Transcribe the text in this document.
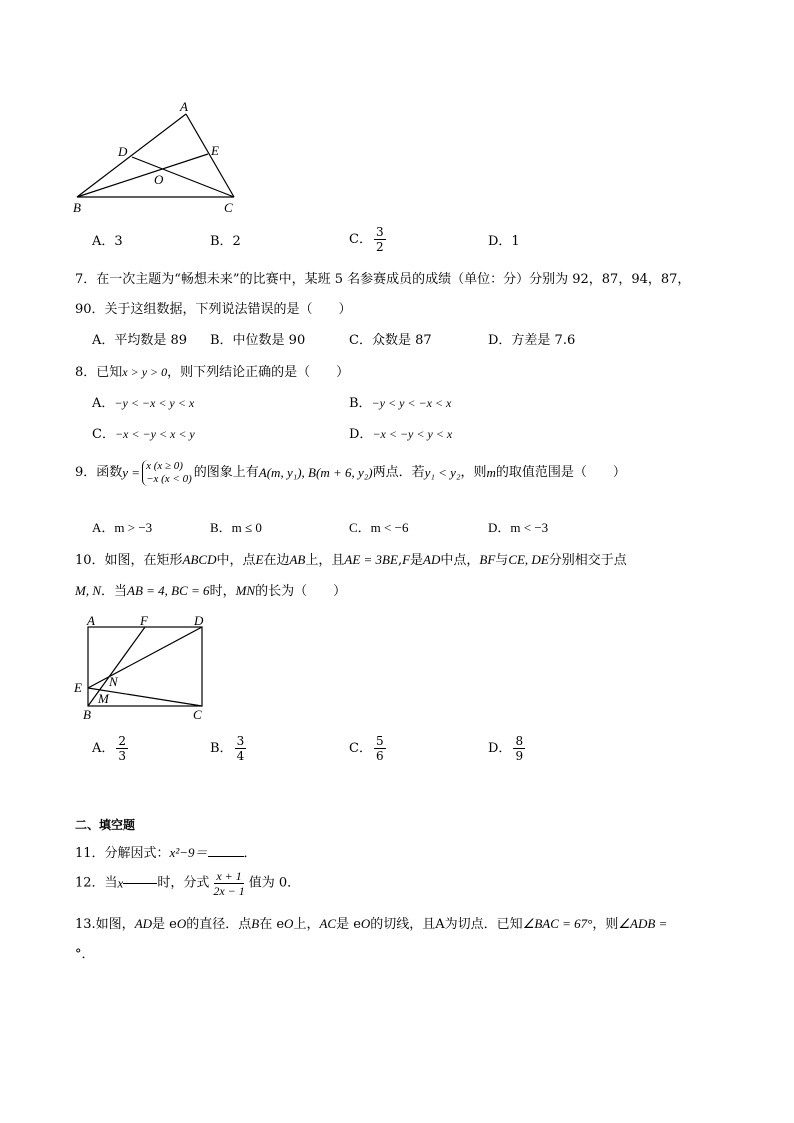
A
D	E
O
B	C
A．3	B．2	C． $\frac{3}{2}$	D．1
7．在一次主题为“畅想未来”的比赛中，某班 5 名参赛成员的成绩（单位：分）分别为 92，87，94，87，
90．关于这组数据，下列说法错误的是（　　）
A．平均数是 89 B．中位数是 90	C．众数是 87	D．方差是 7.6
8．已知x > y > 0，则下列结论正确的是（　　）
A．−y < −x < y < x	B．−y < y < −x < x
C．−x < −y < x < y	D．−x < −y < y < x
9．函数y = x (x ≥ 0)
−x (x < 0) 的图象上有A(m, y₁), B(m + 6, y₂)两点．若y₁ < y₂，则m的取值范围是（　　）
A．m > −3	B．m ≤ 0	C．m < −6	D．m < −3
10．如图，在矩形ABCD中，点E在边AB上，且AE = 3BE,F是AD中点，BF与CE, DE分别相交于点
M, N．当AB = 4, BC = 6时，MN的长为（　　）
A	F	D
E N
M
B	C
A． $\frac{2}{3}$	B． $\frac{3}{4}$	C． $\frac{5}{6}$	D． $\frac{8}{9}$
二、填空题
11．分解因式：x²−9＝	．
12．当x	时，分式 $\frac{x + 1}{2x - 1}$ 值为 0．
13.如图，AD是 eO的直径．点B在 eO上，AC是 eO的切线，且A为切点．已知∠BAC = 67°，则∠ADB =
°．
